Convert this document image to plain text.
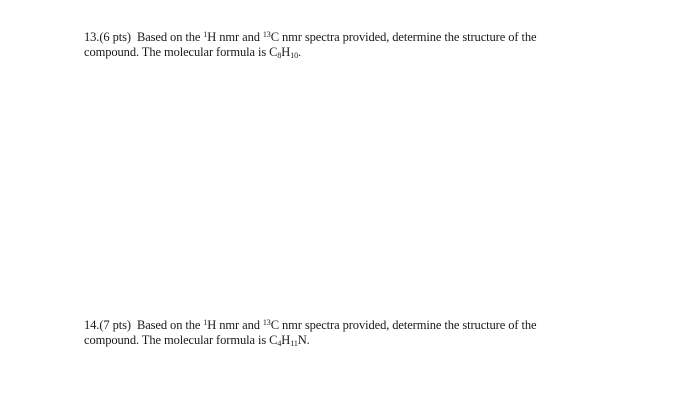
13.(6 pts) Based on the $^1$H nmr and $^{13}$C nmr spectra provided, determine the structure of the
compound. The molecular formula is $C_8H_{10}$.
14.(7 pts) Based on the $^1$H nmr and $^{13}$C nmr spectra provided, determine the structure of the
compound. The molecular formula is $C_4H_{11}N$.
